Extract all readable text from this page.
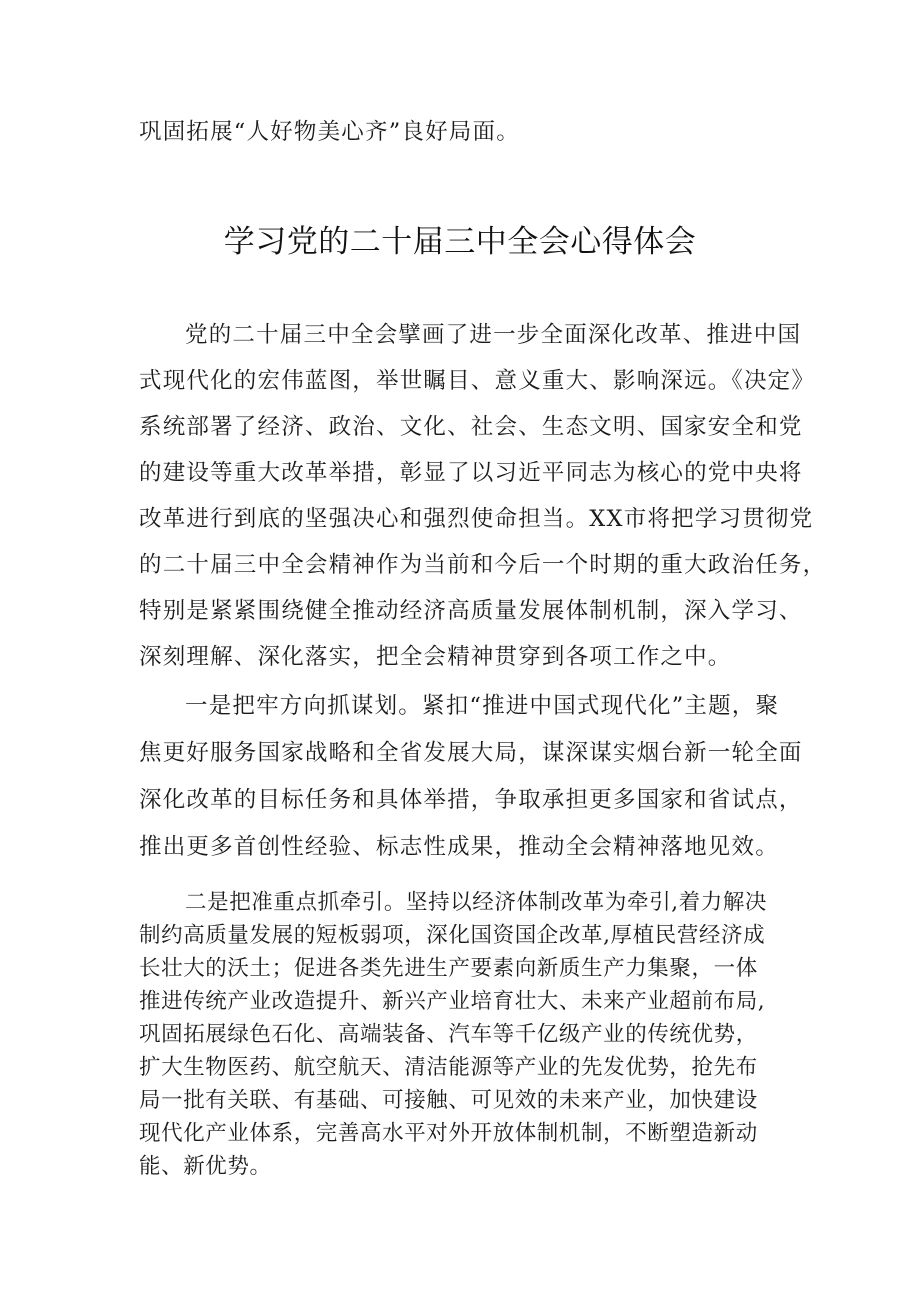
巩固拓展“人好物美心齐”良好局面。
学习党的二十届三中全会心得体会
党的二十届三中全会擘画了进一步全面深化改革、推进中国
式现代化的宏伟蓝图，举世瞩目、意义重大、影响深远。《决定》
系统部署了经济、政治、文化、社会、生态文明、国家安全和党
的建设等重大改革举措，彰显了以习近平同志为核心的党中央将
改革进行到底的坚强决心和强烈使命担当。XX市将把学习贯彻党
的二十届三中全会精神作为当前和今后一个时期的重大政治任务，
特别是紧紧围绕健全推动经济高质量发展体制机制，深入学习、
深刻理解、深化落实，把全会精神贯穿到各项工作之中。
一是把牢方向抓谋划。紧扣“推进中国式现代化”主题，聚
焦更好服务国家战略和全省发展大局，谋深谋实烟台新一轮全面
深化改革的目标任务和具体举措，争取承担更多国家和省试点，
推出更多首创性经验、标志性成果，推动全会精神落地见效。
二是把准重点抓牵引。坚持以经济体制改革为牵引,着力解决
制约高质量发展的短板弱项，深化国资国企改革,厚植民营经济成
长壮大的沃土；促进各类先进生产要素向新质生产力集聚，一体
推进传统产业改造提升、新兴产业培育壮大、未来产业超前布局,
巩固拓展绿色石化、高端装备、汽车等千亿级产业的传统优势，
扩大生物医药、航空航天、清洁能源等产业的先发优势，抢先布
局一批有关联、有基础、可接触、可见效的未来产业，加快建设
现代化产业体系，完善高水平对外开放体制机制，不断塑造新动
能、新优势。
